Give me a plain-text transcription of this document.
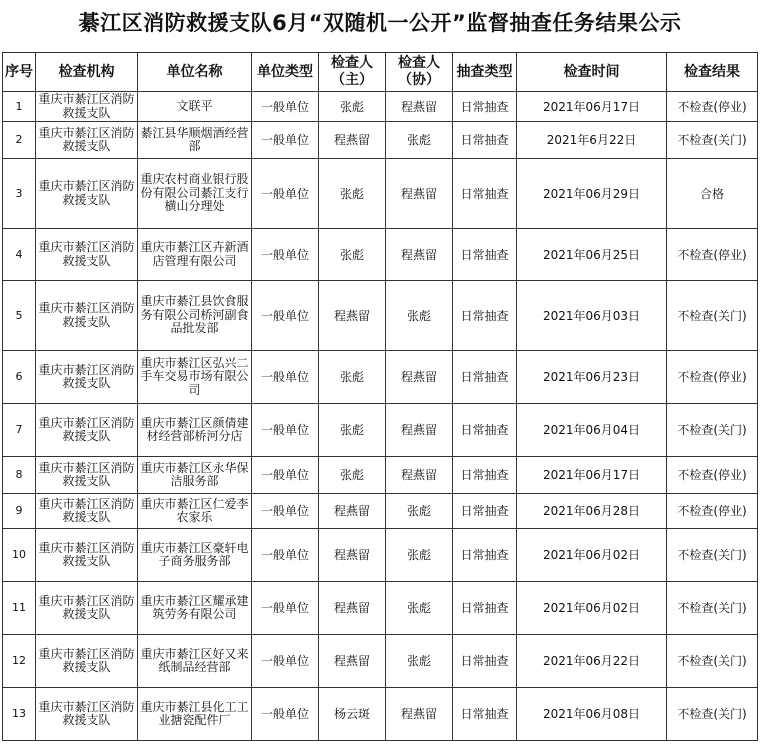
綦江区消防救援支队6月“双随机一公开”监督抽查任务结果公示
序号	检查机构	单位名称	单位类型	检查人（主）	检查人（协）	抽查类型	检查时间	检查结果
1	重庆市綦江区消防救援支队	文联平	一般单位	张彪	程燕留	日常抽查	2021年06月17日	不检查(停业)
2	重庆市綦江区消防救援支队	綦江县华顺烟酒经营部	一般单位	程燕留	张彪	日常抽查	2021年6月22日	不检查(关门)
3	重庆市綦江区消防救援支队	重庆农村商业银行股份有限公司綦江支行横山分理处	一般单位	张彪	程燕留	日常抽查	2021年06月29日	合格
4	重庆市綦江区消防救援支队	重庆市綦江区卉新酒店管理有限公司	一般单位	张彪	程燕留	日常抽查	2021年06月25日	不检查(停业)
5	重庆市綦江区消防救援支队	重庆市綦江县饮食服务有限公司桥河副食品批发部	一般单位	程燕留	张彪	日常抽查	2021年06月03日	不检查(关门)
6	重庆市綦江区消防救援支队	重庆市綦江区弘兴二手车交易市场有限公司	一般单位	张彪	程燕留	日常抽查	2021年06月23日	不检查(停业)
7	重庆市綦江区消防救援支队	重庆市綦江区颜倩建材经营部桥河分店	一般单位	张彪	程燕留	日常抽查	2021年06月04日	不检查(关门)
8	重庆市綦江区消防救援支队	重庆市綦江区永华保洁服务部	一般单位	张彪	程燕留	日常抽查	2021年06月17日	不检查(停业)
9	重庆市綦江区消防救援支队	重庆市綦江区仁爱李农家乐	一般单位	程燕留	张彪	日常抽查	2021年06月28日	不检查(停业)
10	重庆市綦江区消防救援支队	重庆市綦江区豪轩电子商务服务部	一般单位	程燕留	张彪	日常抽查	2021年06月02日	不检查(关门)
11	重庆市綦江区消防救援支队	重庆市綦江区耀承建筑劳务有限公司	一般单位	程燕留	张彪	日常抽查	2021年06月02日	不检查(关门)
12	重庆市綦江区消防救援支队	重庆市綦江区好又来纸制品经营部	一般单位	程燕留	张彪	日常抽查	2021年06月22日	不检查(关门)
13	重庆市綦江区消防救援支队	重庆市綦江县化工工业搪瓷配件厂	一般单位	杨云斑	程燕留	日常抽查	2021年06月08日	不检查(关门)
